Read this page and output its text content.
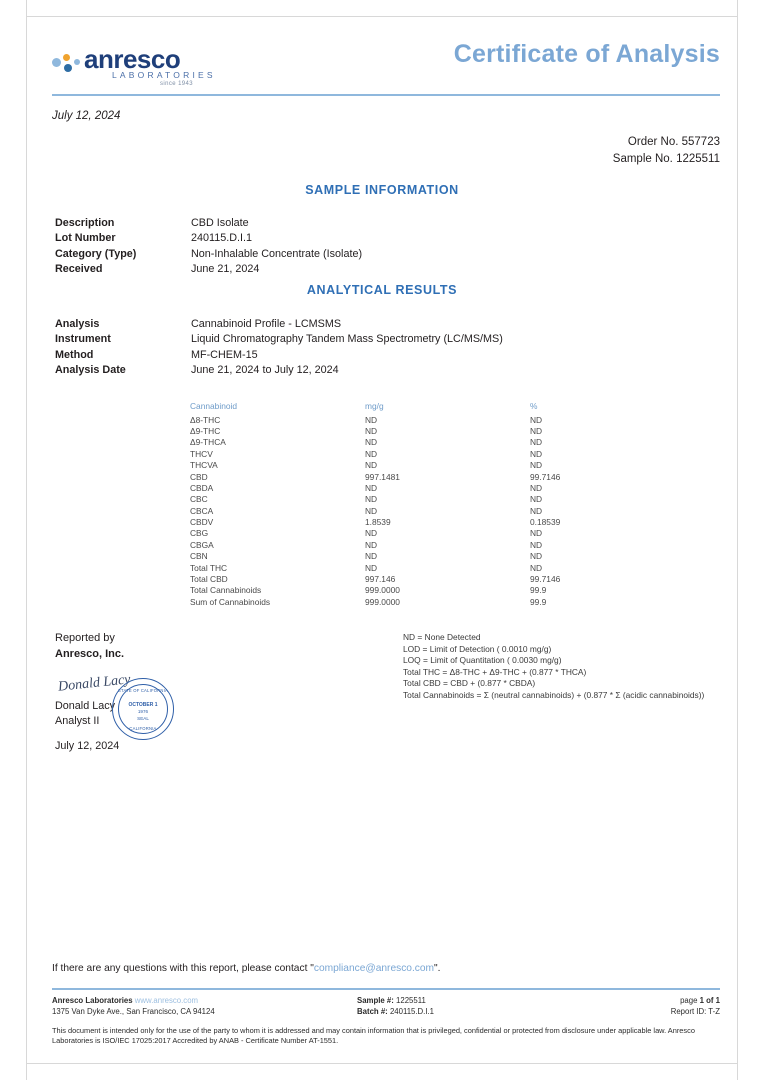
anresco
LABORATORIES
since 1943
Certificate of Analysis
July 12, 2024
Order No. 557723
Sample No. 1225511
SAMPLE INFORMATION
Description	CBD Isolate
Lot Number	240115.D.I.1
Category (Type)	Non-Inhalable Concentrate (Isolate)
Received	June 21, 2024
ANALYTICAL RESULTS
Analysis	Cannabinoid Profile - LCMSMS
Instrument	Liquid Chromatography Tandem Mass Spectrometry (LC/MS/MS)
Method	MF-CHEM-15
Analysis Date	June 21, 2024 to July 12, 2024
Cannabinoid	mg/g	%
Δ8-THC	ND	ND
Δ9-THC	ND	ND
Δ9-THCA	ND	ND
THCV	ND	ND
THCVA	ND	ND
CBD	997.1481	99.7146
CBDA	ND	ND
CBC	ND	ND
CBCA	ND	ND
CBDV	1.8539	0.18539
CBG	ND	ND
CBGA	ND	ND
CBN	ND	ND
Total THC	ND	ND
Total CBD	997.146	99.7146
Total Cannabinoids	999.0000	99.9
Sum of Cannabinoids	999.0000	99.9
Reported by
Anresco, Inc.
Donald Lacy
Donald Lacy
Analyst II
July 12, 2024
STATE OF CALIFORNIA
OCTOBER 1
1976
SEAL
CALIFORNIA
ND = None Detected
LOD = Limit of Detection ( 0.0010 mg/g)
LOQ = Limit of Quantitation ( 0.0030 mg/g)
Total THC = Δ8-THC + Δ9-THC + (0.877 * THCA)
Total CBD = CBD + (0.877 * CBDA)
Total Cannabinoids = Σ (neutral cannabinoids) + (0.877 * Σ (acidic cannabinoids))
If there are any questions with this report, please contact "compliance@anresco.com".
Anresco Laboratories www.anresco.com
1375 Van Dyke Ave., San Francisco, CA 94124
Sample #: 1225511
Batch #: 240115.D.I.1
page 1 of 1
Report ID: T-Z
This document is intended only for the use of the party to whom it is addressed and may contain information that is privileged, confidential or protected from disclosure under applicable law. Anresco Laboratories is ISO/IEC 17025:2017 Accredited by ANAB - Certificate Number AT-1551.
